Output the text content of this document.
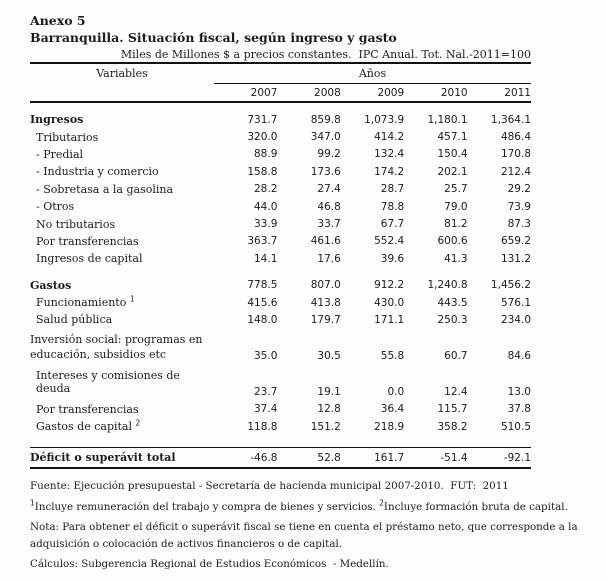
Anexo 5
Barranquilla. Situación fiscal, según ingreso y gasto
Miles de Millones $ a precios constantes.  IPC Anual. Tot. Nal.-2011=100
Variables	Años				
	2007	2008	2009	2010	2011

Ingresos	731.7	859.8	1,073.9	1,180.1	1,364.1
Tributarios	320.0	347.0	414.2	457.1	486.4
- Predial	88.9	99.2	132.4	150.4	170.8
- Industria y comercio	158.8	173.6	174.2	202.1	212.4
- Sobretasa a la gasolina	28.2	27.4	28.7	25.7	29.2
- Otros	44.0	46.8	78.8	79.0	73.9
No tributarios	33.9	33.7	67.7	81.2	87.3
Por transferencias	363.7	461.6	552.4	600.6	659.2
Ingresos de capital	14.1	17.6	39.6	41.3	131.2

Gastos	778.5	807.0	912.2	1,240.8	1,456.2
Funcionamiento $^1$	415.6	413.8	430.0	443.5	576.1
Salud pública	148.0	179.7	171.1	250.3	234.0

Inversión social: programas en
educación, subsidios etc	35.0	30.5	55.8	60.7	84.6
Intereses y comisiones de deuda	23.7	19.1	0.0	12.4	13.0
Por transferencias	37.4	12.8	36.4	115.7	37.8
Gastos de capital $^2$	118.8	151.2	218.9	358.2	510.5

Déficit o superávit total	-46.8	52.8	161.7	-51.4	-92.1
Fuente: Ejecución presupuestal - Secretaría de hacienda municipal 2007-2010.  FUT:  2011
$^1$Incluye remuneración del trabajo y compra de bienes y servicios. $^2$Incluye formación bruta de capital.
Nota: Para obtener el déficit o superávit fiscal se tiene en cuenta el préstamo neto, que corresponde a la
adquisición o colocación de activos financieros o de capital.
Cálculos: Subgerencia Regional de Estudios Económicos  - Medellín.
